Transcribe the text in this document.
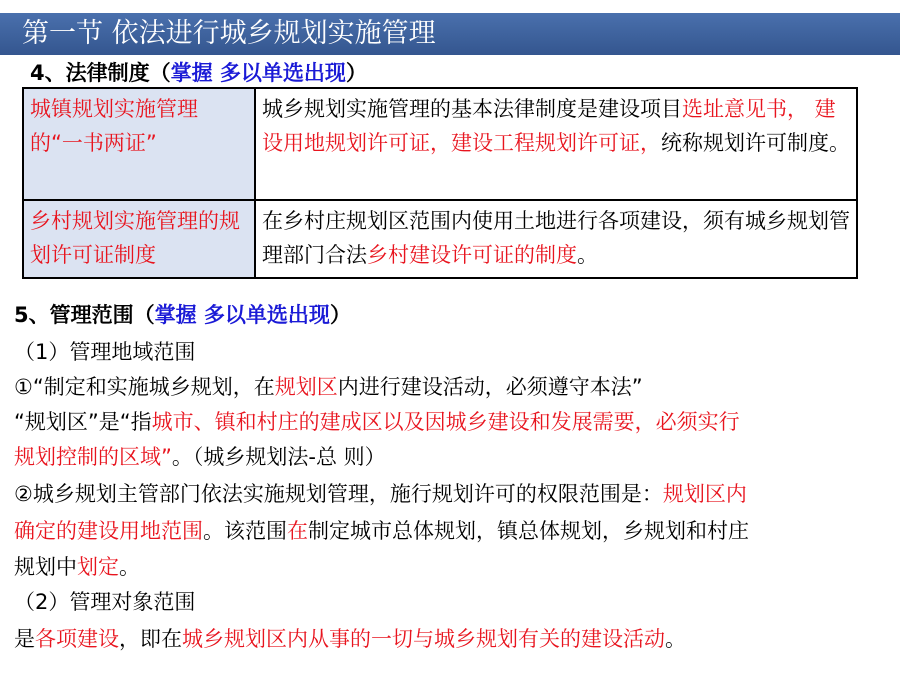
第一节 依法进行城乡规划实施管理
4、法律制度（掌握 多以单选出现）
城镇规划实施管理的“一书两证”	城乡规划实施管理的基本法律制度是建设项目选址意见书， 建设用地规划许可证，建设工程规划许可证，统称规划许可制度。
乡村规划实施管理的规划许可证制度	在乡村庄规划区范围内使用土地进行各项建设，须有城乡规划管理部门合法乡村建设许可证的制度。
5、管理范围（掌握 多以单选出现）
（1）管理地域范围
①“制定和实施城乡规划，在规划区内进行建设活动，必须遵守本法”
“规划区”是“指城市、镇和村庄的建成区以及因城乡建设和发展需要，必须实行
规划控制的区域”。（城乡规划法-总 则）
②城乡规划主管部门依法实施规划管理，施行规划许可的权限范围是：规划区内
确定的建设用地范围。该范围在制定城市总体规划，镇总体规划，乡规划和村庄
规划中划定。
（2）管理对象范围
是各项建设，即在城乡规划区内从事的一切与城乡规划有关的建设活动。
